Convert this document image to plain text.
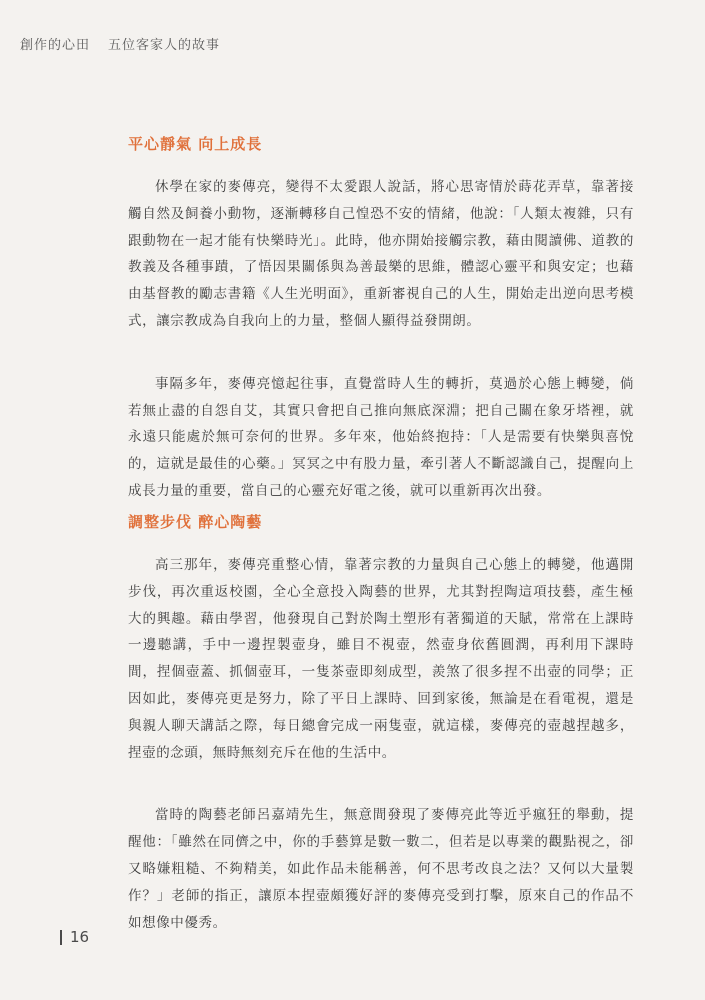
創作的心田 五位客家人的故事
平心靜氣 向上成長

休學在家的麥傳亮，變得不太愛跟人說話，將心思寄情於蒔花弄草，靠著接觸自然及飼養小動物，逐漸轉移自己惶恐不安的情緒，他說：「人類太複雜，只有跟動物在一起才能有快樂時光」。此時，他亦開始接觸宗教，藉由閱讀佛、道教的教義及各種事蹟，了悟因果關係與為善最樂的思維，體認心靈平和與安定；也藉由基督教的勵志書籍《人生光明面》，重新審視自己的人生，開始走出逆向思考模式，讓宗教成為自我向上的力量，整個人顯得益發開朗。

事隔多年，麥傳亮憶起往事，直覺當時人生的轉折，莫過於心態上轉變，倘若無止盡的自怨自艾，其實只會把自己推向無底深淵；把自己關在象牙塔裡，就永遠只能處於無可奈何的世界。多年來，他始終抱持：「人是需要有快樂與喜悅的，這就是最佳的心藥。」冥冥之中有股力量，牽引著人不斷認識自己，提醒向上成長力量的重要，當自己的心靈充好電之後，就可以重新再次出發。

調整步伐 醉心陶藝

高三那年，麥傳亮重整心情，靠著宗教的力量與自己心態上的轉變，他邁開步伐，再次重返校園，全心全意投入陶藝的世界，尤其對揑陶這項技藝，產生極大的興趣。藉由學習，他發現自己對於陶土塑形有著獨道的天賦，常常在上課時一邊聽講，手中一邊捏製壺身，雖目不視壺，然壺身依舊圓潤，再利用下課時間，捏個壺蓋、抓個壺耳，一隻茶壺即刻成型，羨煞了很多捏不出壺的同學；正因如此，麥傳亮更是努力，除了平日上課時、回到家後，無論是在看電視，還是與親人聊天講話之際，每日總會完成一兩隻壺，就這樣，麥傳亮的壺越捏越多，捏壺的念頭，無時無刻充斥在他的生活中。

當時的陶藝老師呂嘉靖先生，無意間發現了麥傳亮此等近乎瘋狂的舉動，提醒他：「雖然在同儕之中，你的手藝算是數一數二，但若是以專業的觀點視之，卻又略嫌粗糙、不夠精美，如此作品未能稱善，何不思考改良之法？又何以大量製作？」老師的指正，讓原本捏壺頗獲好評的麥傳亮受到打擊，原來自己的作品不如想像中優秀。

16
